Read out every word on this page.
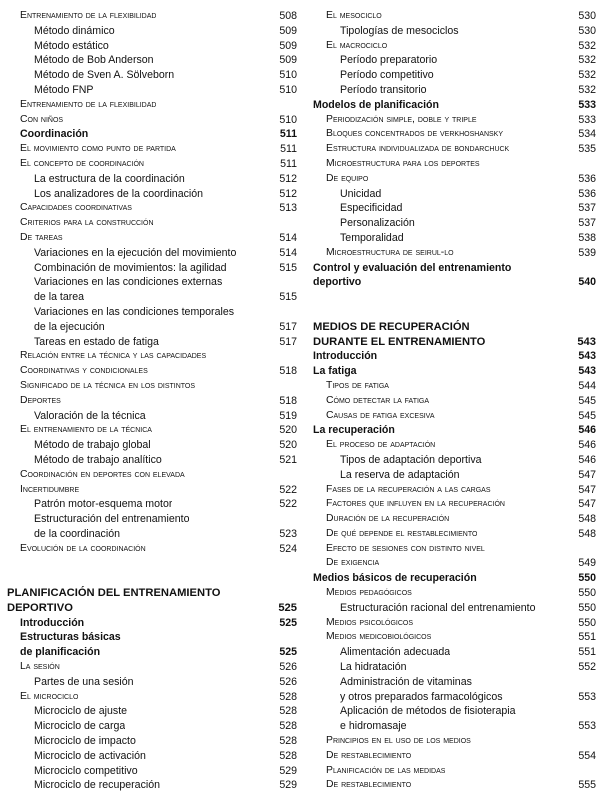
Entrenamiento de la flexibilidad	508
Método dinámico	509
Método estático	509
Método de Bob Anderson	509
Método de Sven A. Sölveborn	510
Método FNP	510
Entrenamiento de la flexibilidad
Con niños	510
Coordinación	511
El movimiento como punto de partida	511
El concepto de coordinación	511
La estructura de la coordinación	512
Los analizadores de la coordinación	512
Capacidades coordinativas	513
Criterios para la construcción
De tareas	514
Variaciones en la ejecución del movimiento	514
Combinación de movimientos: la agilidad	515
Variaciones en las condiciones externas
de la tarea	515
Variaciones en las condiciones temporales
de la ejecución	517
Tareas en estado de fatiga	517
Relación entre la técnica y las capacidades
Coordinativas y condicionales	518
Significado de la técnica en los distintos
Deportes	518
Valoración de la técnica	519
El entrenamiento de la técnica	520
Método de trabajo global	520
Método de trabajo analítico	521
Coordinación en deportes con elevada
Incertidumbre	522
Patrón motor-esquema motor	522
Estructuración del entrenamiento
de la coordinación	523
Evolución de la coordinación	524
PLANIFICACIÓN DEL ENTRENAMIENTO
DEPORTIVO	525
Introducción	525
Estructuras básicas
de planificación	525
La sesión	526
Partes de una sesión	526
El microciclo	528
Microciclo de ajuste	528
Microciclo de carga	528
Microciclo de impacto	528
Microciclo de activación	528
Microciclo competitivo	529
Microciclo de recuperación	529
El mesociclo	530
Tipologías de mesociclos	530
El macrociclo	532
Período preparatorio	532
Período competitivo	532
Período transitorio	532
Modelos de planificación	533
Periodización simple, doble y triple	533
Bloques concentrados de verkhoshansky	534
Estructura individualizada de bondarchuck	535
Microestructura para los deportes
De equipo	536
Unicidad	536
Especificidad	537
Personalización	537
Temporalidad	538
Microestructura de seirul-lo	539
Control y evaluación del entrenamiento
deportivo	540
MEDIOS DE RECUPERACIÓN
DURANTE EL ENTRENAMIENTO	543
Introducción	543
La fatiga	543
Tipos de fatiga	544
Cómo detectar la fatiga	545
Causas de fatiga excesiva	545
La recuperación	546
El proceso de adaptación	546
Tipos de adaptación deportiva	546
La reserva de adaptación	547
Fases de la recuperación a las cargas	547
Factores que influyen en la recuperación	547
Duración de la recuperación	548
De qué depende el restablecimiento	548
Efecto de sesiones con distinto nivel
De exigencia	549
Medios básicos de recuperación	550
Medios pedagógicos	550
Estructuración racional del entrenamiento	550
Medios psicológicos	550
Medios medicobiológicos	551
Alimentación adecuada	551
La hidratación	552
Administración de vitaminas
y otros preparados farmacológicos	553
Aplicación de métodos de fisioterapia
e hidromasaje	553
Principios en el uso de los medios
De restablecimiento	554
Planificación de las medidas
De restablecimiento	555
